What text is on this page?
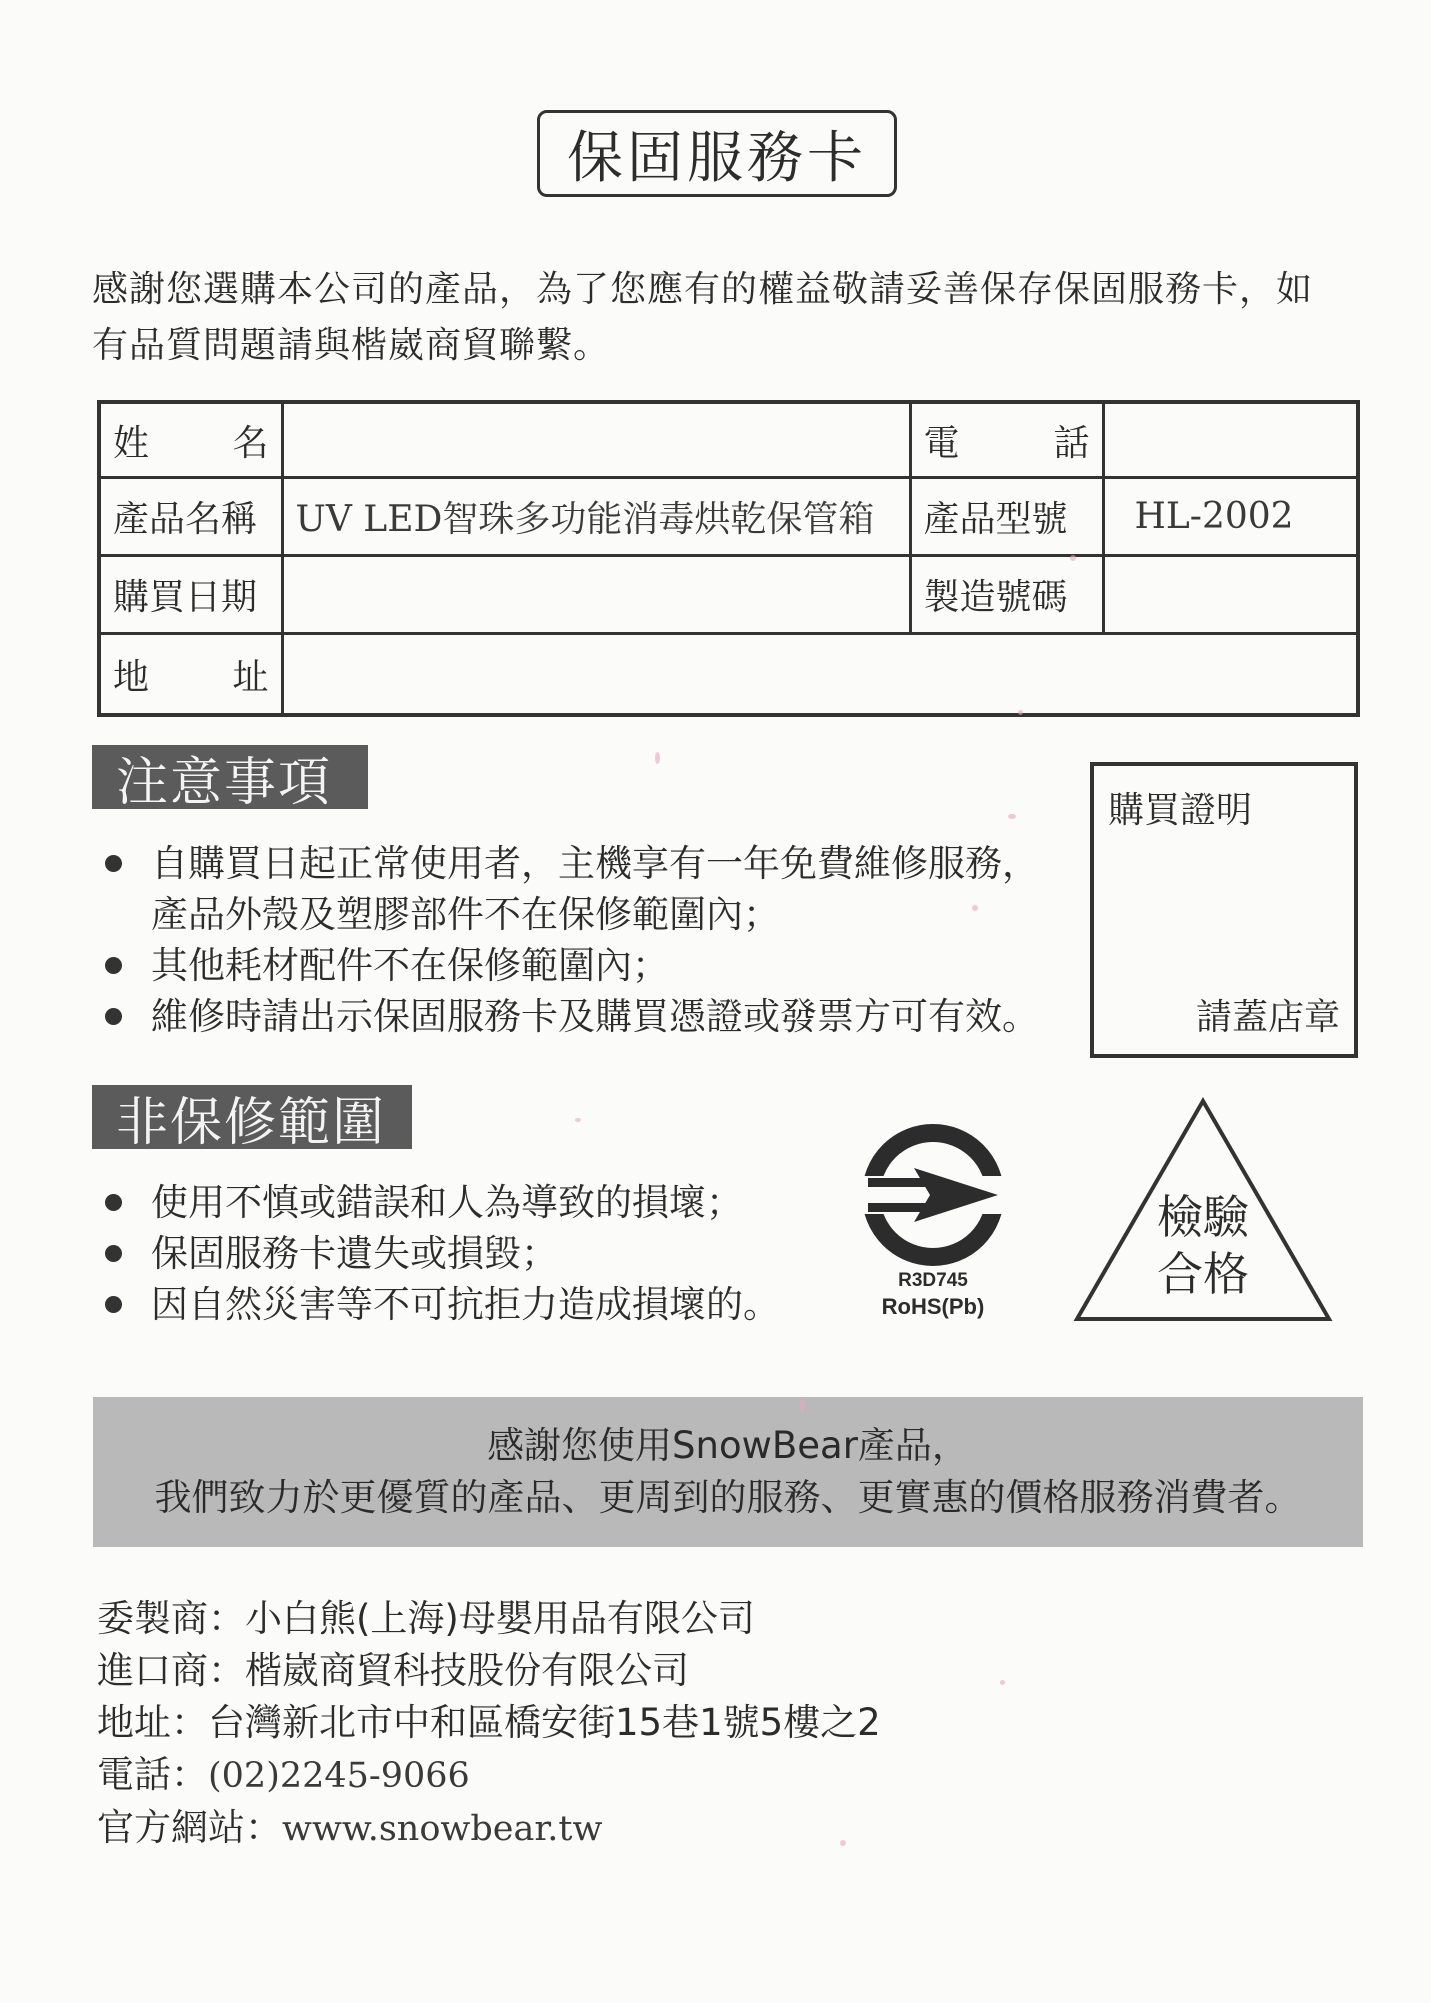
保固服務卡
感謝您選購本公司的產品，為了您應有的權益敬請妥善保存保固服務卡，如
有品質問題請與楷崴商貿聯繫。
姓　名		電　話	
產品名稱	UV LED智珠多功能消毒烘乾保管箱	產品型號	HL-2002
購買日期		製造號碼	
地　址			
注意事項
自購買日起正常使用者，主機享有一年免費維修服務，
產品外殼及塑膠部件不在保修範圍內；
其他耗材配件不在保修範圍內；
維修時請出示保固服務卡及購買憑證或發票方可有效。
購買證明
請蓋店章
非保修範圍
使用不慎或錯誤和人為導致的損壞；
保固服務卡遺失或損毀；
因自然災害等不可抗拒力造成損壞的。
R3D745
RoHS(Pb)
檢驗
合格
感謝您使用SnowBear產品，
我們致力於更優質的產品、更周到的服務、更實惠的價格服務消費者。
委製商：小白熊(上海)母嬰用品有限公司
進口商：楷崴商貿科技股份有限公司
地址：台灣新北市中和區橋安街15巷1號5樓之2
電話：(02)2245-9066
官方網站：www.snowbear.tw
